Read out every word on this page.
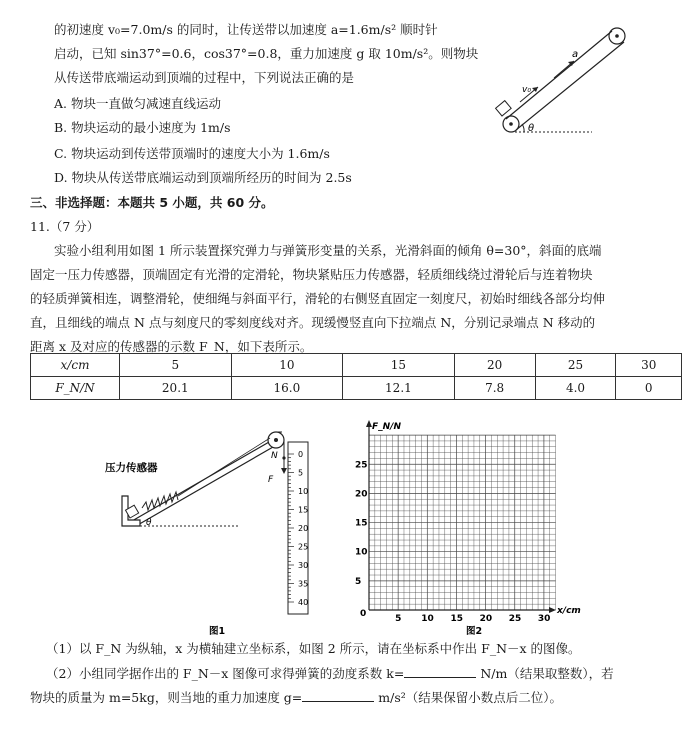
的初速度 v₀=7.0m/s 的同时，让传送带以加速度 a=1.6m/s² 顺时针
启动，已知 sin37°=0.6，cos37°=0.8，重力加速度 g 取 10m/s²。则物块
从传送带底端运动到顶端的过程中，下列说法正确的是
A. 物块一直做匀减速直线运动
B. 物块运动的最小速度为 1m/s
C. 物块运动到传送带顶端时的速度大小为 1.6m/s
D. 物块从传送带底端运动到顶端所经历的时间为 2.5s
v₀
a
θ
三、非选择题：本题共 5 小题，共 60 分。
11.（7 分）
实验小组利用如图 1 所示装置探究弹力与弹簧形变量的关系，光滑斜面的倾角 θ=30°，斜面的底端
固定一压力传感器，顶端固定有光滑的定滑轮，物块紧贴压力传感器，轻质细线绕过滑轮后与连着物块
的轻质弹簧相连，调整滑轮，使细绳与斜面平行，滑轮的右侧竖直固定一刻度尺，初始时细线各部分均伸
直，且细线的端点 N 点与刻度尺的零刻度线对齐。现缓慢竖直向下拉端点 N，分别记录端点 N 移动的
距离 x 及对应的传感器的示数 F_N，如下表所示。
x/cm	5	10	15	20	25	30
F_N/N	20.1	16.0	12.1	7.8	4.0	0
N
F
θ
压力传感器
0
5
10
15
20
25
30
35
40
图1
F_N/N
x/cm
0
5
10
15
20
25
5 10 15 20 25 30
图2
（1）以 F_N 为纵轴，x 为横轴建立坐标系，如图 2 所示，请在坐标系中作出 F_N－x 的图像。
（2）小组同学据作出的 F_N－x 图像可求得弹簧的劲度系数 k=	N/m（结果取整数），若
物块的质量为 m=5kg，则当地的重力加速度 g=	m/s²（结果保留小数点后二位）。
